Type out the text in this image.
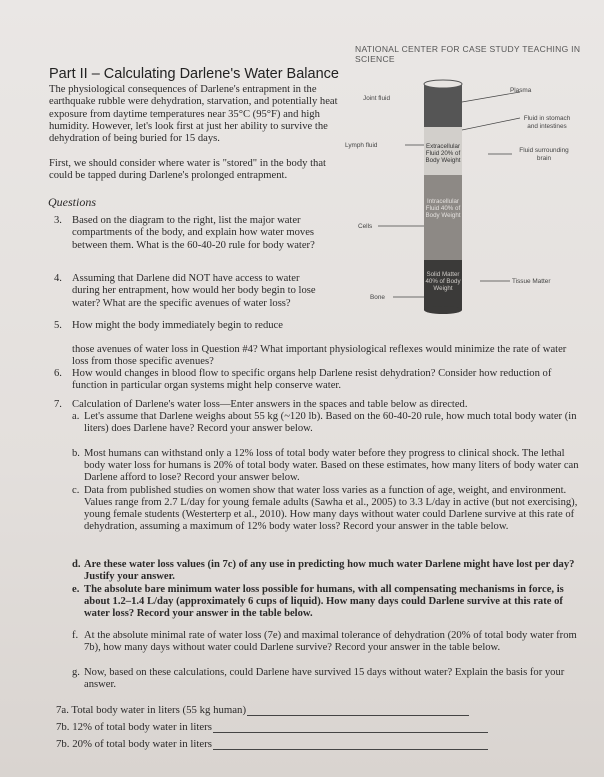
NATIONAL CENTER FOR CASE STUDY TEACHING IN SCIENCE
Part II – Calculating Darlene's Water Balance
The physiological consequences of Darlene's entrapment in the earthquake rubble were dehydration, starvation, and potentially heat exposure from daytime temperatures near 35°C (95°F) and high humidity. However, let's look first at just her ability to survive the dehydration of being buried for 15 days.
First, we should consider where water is "stored" in the body that could be tapped during Darlene's prolonged entrapment.
Questions
Joint fluid
Plasma
Fluid in stomach and intestines
Lymph fluid
Fluid surrounding brain
Cells
Bone
Tissue Matter
Extracellular Fluid 20% of Body Weight
Intracellular Fluid 40% of Body Weight
Solid Matter 40% of Body Weight
3. Based on the diagram to the right, list the major water compartments of the body, and explain how water moves between them. What is the 60-40-20 rule for body water?
4. Assuming that Darlene did NOT have access to water during her entrapment, how would her body begin to lose water? What are the specific avenues of water loss?
5. How might the body immediately begin to reduce
those avenues of water loss in Question #4? What important physiological reflexes would minimize the rate of water loss from those specific avenues?
6. How would changes in blood flow to specific organs help Darlene resist dehydration? Consider how reduction of function in particular organ systems might help conserve water.
7. Calculation of Darlene's water loss—Enter answers in the spaces and table below as directed.
a. Let's assume that Darlene weighs about 55 kg (~120 lb). Based on the 60-40-20 rule, how much total body water (in liters) does Darlene have? Record your answer below.
b. Most humans can withstand only a 12% loss of total body water before they progress to clinical shock. The lethal body water loss for humans is 20% of total body water. Based on these estimates, how many liters of body water can Darlene afford to lose? Record your answer below.
c. Data from published studies on women show that water loss varies as a function of age, weight, and environment. Values range from 2.7 L/day for young female adults (Sawha et al., 2005) to 3.3 L/day in active (but not exercising), young female students (Westerterp et al., 2010). How many days without water could Darlene survive at this rate of dehydration, assuming a maximum of 12% body water loss? Record your answer in the table below.
d. Are these water loss values (in 7c) of any use in predicting how much water Darlene might have lost per day? Justify your answer.
e. The absolute bare minimum water loss possible for humans, with all compensating mechanisms in force, is about 1.2–1.4 L/day (approximately 6 cups of liquid). How many days could Darlene survive at this rate of water loss? Record your answer in the table below.
f. At the absolute minimal rate of water loss (7e) and maximal tolerance of dehydration (20% of total body water from 7b), how many days without water could Darlene survive? Record your answer in the table below.
g. Now, based on these calculations, could Darlene have survived 15 days without water? Explain the basis for your answer.
7a. Total body water in liters (55 kg human)
7b. 12% of total body water in liters
7b. 20% of total body water in liters
